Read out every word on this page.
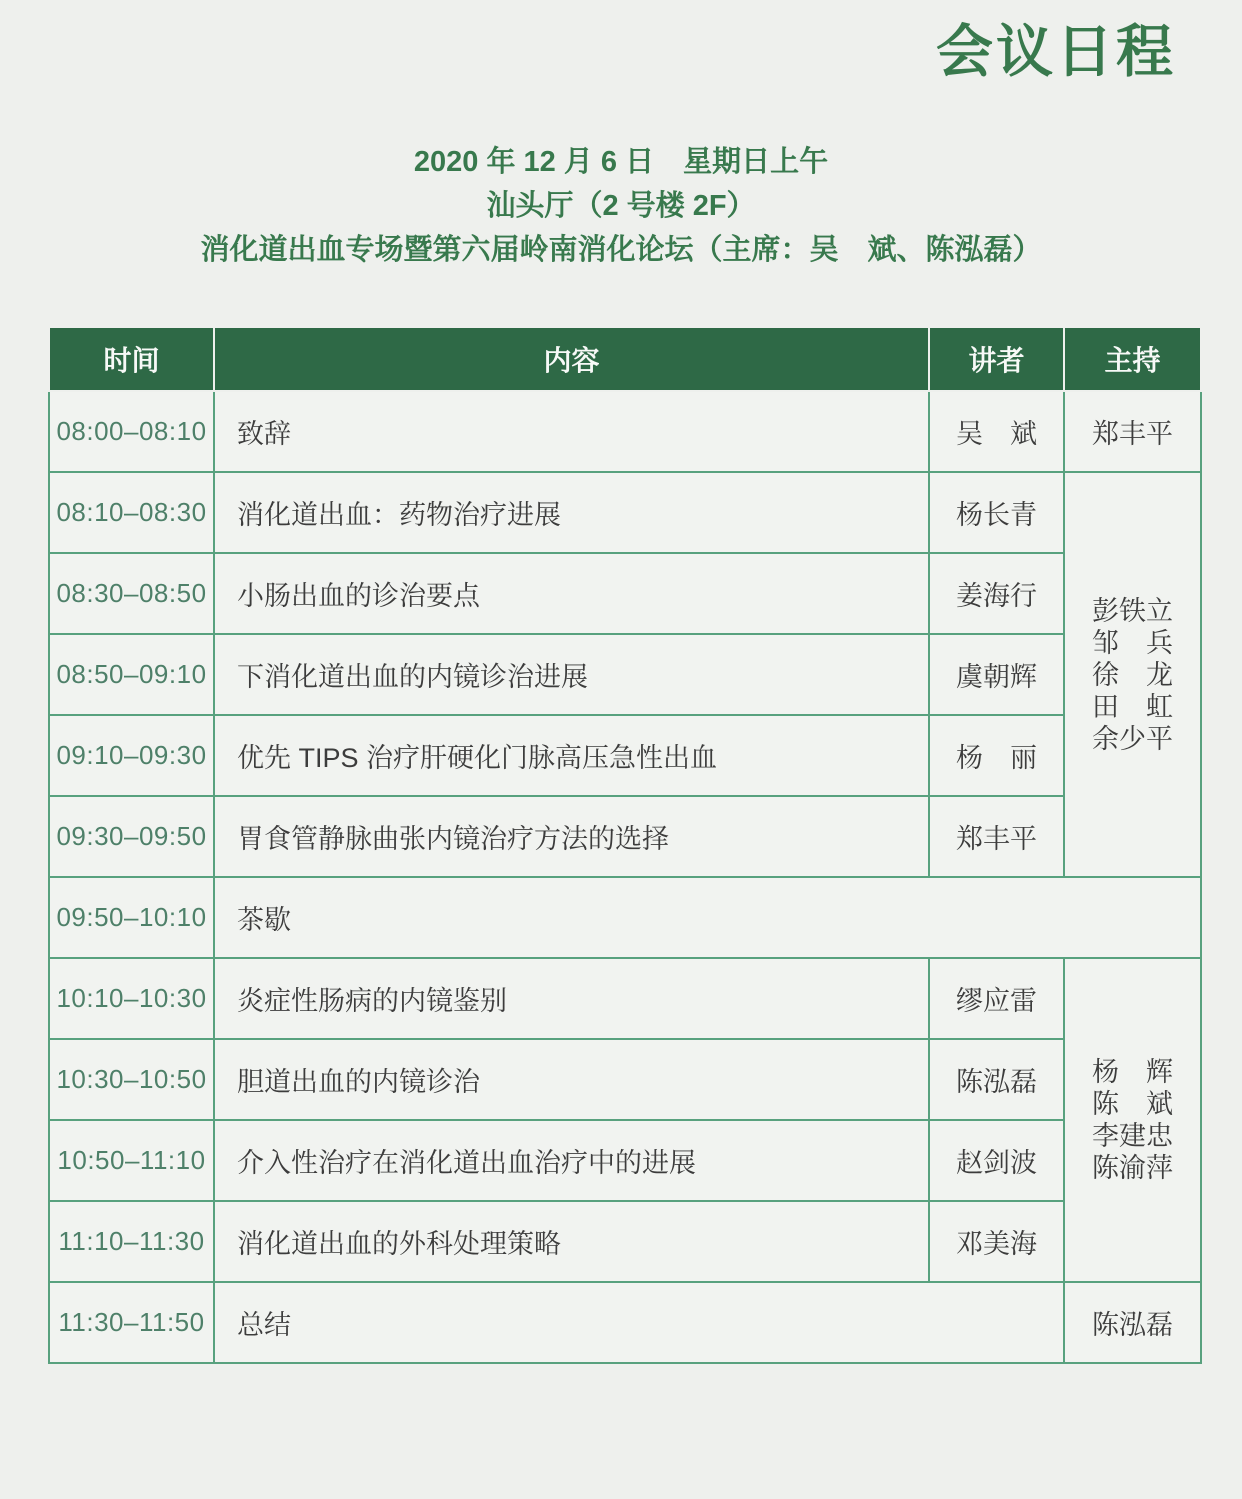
会议日程
2020 年 12 月 6 日　星期日上午
汕头厅（2 号楼 2F）
消化道出血专场暨第六届岭南消化论坛（主席：吴　斌、陈泓磊）
时间	内容	讲者	主持
08:00–08:10	致辞	吴　斌	郑丰平
08:10–08:30	消化道出血：药物治疗进展	杨长青	彭铁立
邹　兵
徐　龙
田　虹
余少平

08:30–08:50	小肠出血的诊治要点	姜海行	
08:50–09:10	下消化道出血的内镜诊治进展	虞朝辉	
09:10–09:30	优先 TIPS 治疗肝硬化门脉高压急性出血	杨　丽	
09:30–09:50	胃食管静脉曲张内镜治疗方法的选择	郑丰平	
09:50–10:10	茶歇		
10:10–10:30	炎症性肠病的内镜鉴别	缪应雷	杨　辉
陈　斌
李建忠
陈渝萍

10:30–10:50	胆道出血的内镜诊治	陈泓磊	
10:50–11:10	介入性治疗在消化道出血治疗中的进展	赵剑波	
11:10–11:30	消化道出血的外科处理策略	邓美海	
11:30–11:50	总结		陈泓磊
